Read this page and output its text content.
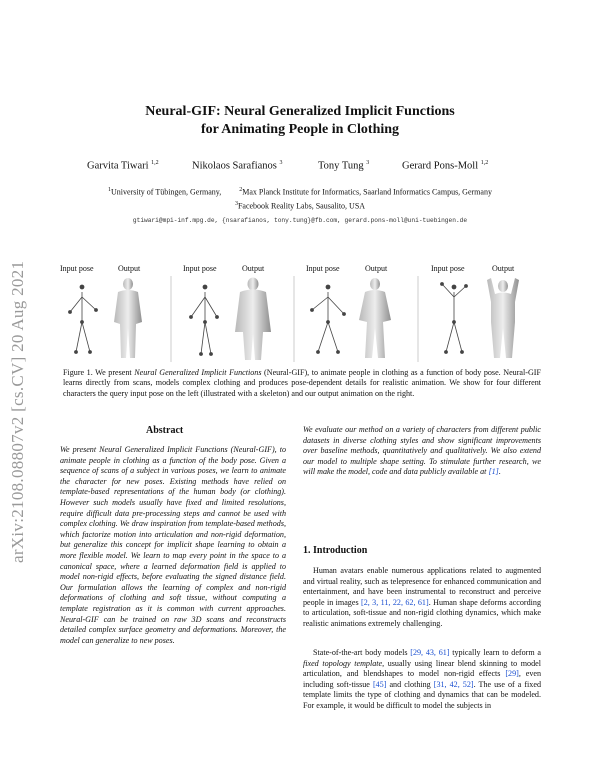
arXiv:2108.08807v2 [cs.CV] 20 Aug 2021
Neural-GIF: Neural Generalized Implicit Functions
for Animating People in Clothing
Garvita Tiwari $^{1,2}$	Nikolaos Sarafianos $^3$	Tony Tung $^3$	Gerard Pons-Moll $^{1,2}$
$^1$University of Tübingen, Germany,	$^2$Max Planck Institute for Informatics, Saarland Informatics Campus, Germany
$^3$Facebook Reality Labs, Sausalito, USA
gtiwari@mpi-inf.mpg.de, {nsarafianos, tony.tung}@fb.com, gerard.pons-moll@uni-tuebingen.de
Input pose	Output	Input pose	Output	Input pose	Output	Input pose	Output
Figure 1. We present Neural Generalized Implicit Functions (Neural-GIF), to animate people in clothing as a function of body pose. Neural-GIF learns directly from scans, models complex clothing and produces pose-dependent details for realistic animation. We show for four different characters the query input pose on the left (illustrated with a skeleton) and our output animation on the right.
Abstract
We present Neural Generalized Implicit Functions (Neural-GIF), to animate people in clothing as a function of the body pose. Given a sequence of scans of a subject in various poses, we learn to animate the character for new poses. Existing methods have relied on template-based representations of the human body (or clothing). However such models usually have fixed and limited resolutions, require difficult data pre-processing steps and cannot be used with complex clothing. We draw inspiration from template-based methods, which factorize motion into articulation and non-rigid deformation, but generalize this concept for implicit shape learning to obtain a more flexible model. We learn to map every point in the space to a canonical space, where a learned deformation field is applied to model non-rigid effects, before evaluating the signed distance field. Our formulation allows the learning of complex and non-rigid deformations of clothing and soft tissue, without computing a template registration as it is common with current approaches. Neural-GIF can be trained on raw 3D scans and reconstructs detailed complex surface geometry and deformations. Moreover, the model can generalize to new poses.
We evaluate our method on a variety of characters from different public datasets in diverse clothing styles and show significant improvements over baseline methods, quantitatively and qualitatively. We also extend our model to multiple shape setting. To stimulate further research, we will make the model, code and data publicly available at [1].
1. Introduction
Human avatars enable numerous applications related to augmented and virtual reality, such as telepresence for enhanced communication and entertainment, and have been instrumental to reconstruct and perceive people in images [2, 3, 11, 22, 62, 61]. Human shape deforms according to articulation, soft-tissue and non-rigid clothing dynamics, which make realistic animations extremely challenging.
State-of-the-art body models [29, 43, 61] typically learn to deform a fixed topology template, usually using linear blend skinning to model articulation, and blendshapes to model non-rigid effects [29], even including soft-tissue [45] and clothing [31, 42, 52]. The use of a fixed template limits the type of clothing and dynamics that can be modeled. For example, it would be difficult to model the subjects in
